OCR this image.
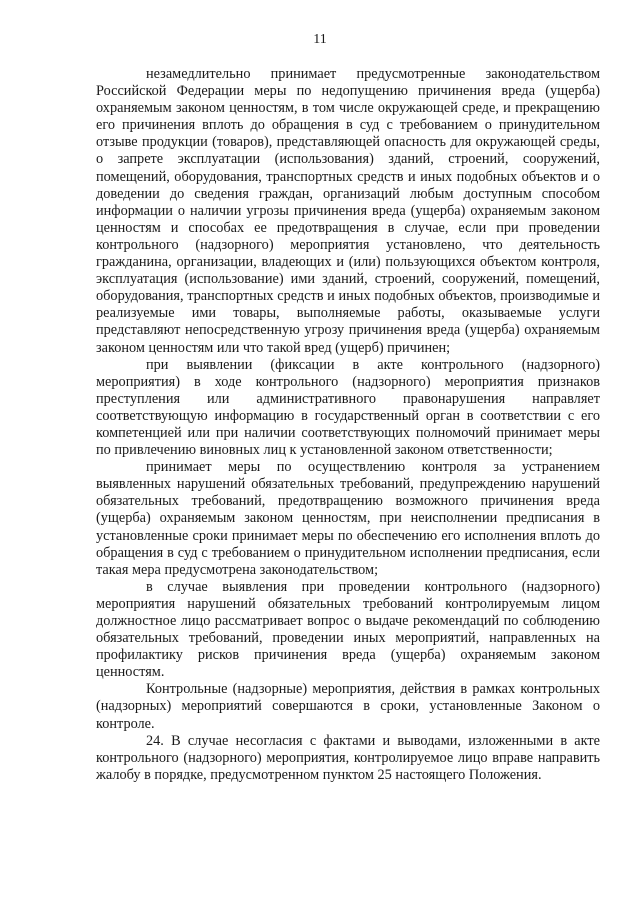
11

незамедлительно принимает предусмотренные законодательством Российской Федерации меры по недопущению причинения вреда (ущерба) охраняемым законом ценностям, в том числе окружающей среде, и прекращению его причинения вплоть до обращения в суд с требованием о принудительном отзыве продукции (товаров), представляющей опасность для окружающей среды, о запрете эксплуатации (использования) зданий, строений, сооружений, помещений, оборудования, транспортных средств и иных подобных объектов и о доведении до сведения граждан, организаций любым доступным способом информации о наличии угрозы причинения вреда (ущерба) охраняемым законом ценностям и способах ее предотвращения в случае, если при проведении контрольного (надзорного) мероприятия установлено, что деятельность гражданина, организации, владеющих и (или) пользующихся объектом контроля, эксплуатация (использование) ими зданий, строений, сооружений, помещений, оборудования, транспортных средств и иных подобных объектов, производимые и реализуемые ими товары, выполняемые работы, оказываемые услуги представляют непосредственную угрозу причинения вреда (ущерба) охраняемым законом ценностям или что такой вред (ущерб) причинен;

при выявлении (фиксации в акте контрольного (надзорного) мероприятия) в ходе контрольного (надзорного) мероприятия признаков преступления или административного правонарушения направляет соответствующую информацию в государственный орган в соответствии с его компетенцией или при наличии соответствующих полномочий принимает меры по привлечению виновных лиц к установленной законом ответственности;

принимает меры по осуществлению контроля за устранением выявленных нарушений обязательных требований, предупреждению нарушений обязательных требований, предотвращению возможного причинения вреда (ущерба) охраняемым законом ценностям, при неисполнении предписания в установленные сроки принимает меры по обеспечению его исполнения вплоть до обращения в суд с требованием о принудительном исполнении предписания, если такая мера предусмотрена законодательством;

в случае выявления при проведении контрольного (надзорного) мероприятия нарушений обязательных требований контролируемым лицом должностное лицо рассматривает вопрос о выдаче рекомендаций по соблюдению обязательных требований, проведении иных мероприятий, направленных на профилактику рисков причинения вреда (ущерба) охраняемым законом ценностям.

Контрольные (надзорные) мероприятия, действия в рамках контрольных (надзорных) мероприятий совершаются в сроки, установленные Законом о контроле.

24. В случае несогласия с фактами и выводами, изложенными в акте контрольного (надзорного) мероприятия, контролируемое лицо вправе направить жалобу в порядке, предусмотренном пунктом 25 настоящего Положения.
